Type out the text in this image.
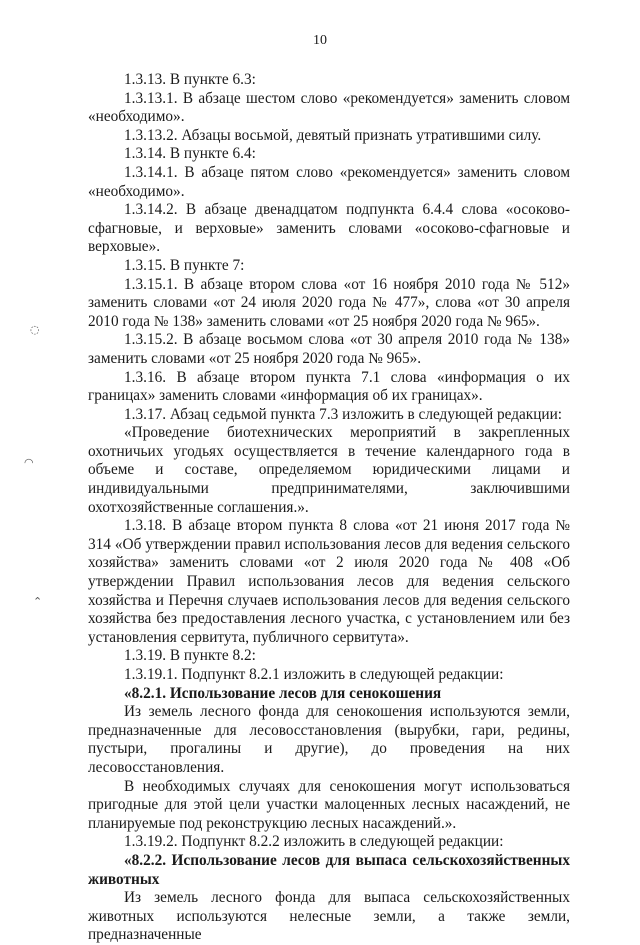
10
◌
◠
⌃

1.3.13. В пункте 6.3:

1.3.13.1. В абзаце шестом слово «рекомендуется» заменить словом «необходимо».

1.3.13.2. Абзацы восьмой, девятый признать утратившими силу.

1.3.14. В пункте 6.4:

1.3.14.1. В абзаце пятом слово «рекомендуется» заменить словом «необходимо».

1.3.14.2. В абзаце двенадцатом подпункта 6.4.4 слова «осоково-сфагновые, и верховые» заменить словами «осоково-сфагновые и верховые».

1.3.15. В пункте 7:

1.3.15.1. В абзаце втором слова «от 16 ноября 2010 года № 512» заменить словами «от 24 июля 2020 года № 477», слова «от 30 апреля 2010 года № 138» заменить словами «от 25 ноября 2020 года № 965».

1.3.15.2. В абзаце восьмом слова «от 30 апреля 2010 года № 138» заменить словами «от 25 ноября 2020 года № 965».

1.3.16. В абзаце втором пункта 7.1 слова «информация о их границах» заменить словами «информация об их границах».

1.3.17. Абзац седьмой пункта 7.3 изложить в следующей редакции:

«Проведение биотехнических мероприятий в закрепленных охотничьих угодьях осуществляется в течение календарного года в объеме и составе, определяемом юридическими лицами и индивидуальными предпринимателями, заключившими охотхозяйственные соглашения.».

1.3.18. В абзаце втором пункта 8 слова «от 21 июня 2017 года № 314 «Об утверждении правил использования лесов для ведения сельского хозяйства» заменить словами «от 2 июля 2020 года № 408 «Об утверждении Правил использования лесов для ведения сельского хозяйства и Перечня случаев использования лесов для ведения сельского хозяйства без предоставления лесного участка, с установлением или без установления сервитута, публичного сервитута».

1.3.19. В пункте 8.2:

1.3.19.1. Подпункт 8.2.1 изложить в следующей редакции:

«8.2.1. Использование лесов для сенокошения

Из земель лесного фонда для сенокошения используются земли, предназначенные для лесовосстановления (вырубки, гари, редины, пустыри, прогалины и другие), до проведения на них лесовосстановления.

В необходимых случаях для сенокошения могут использоваться пригодные для этой цели участки малоценных лесных насаждений, не планируемые под реконструкцию лесных насаждений.».

1.3.19.2. Подпункт 8.2.2 изложить в следующей редакции:

«8.2.2. Использование лесов для выпаса сельскохозяйственных животных

Из земель лесного фонда для выпаса сельскохозяйственных животных используются нелесные земли, а также земли, предназначенные
